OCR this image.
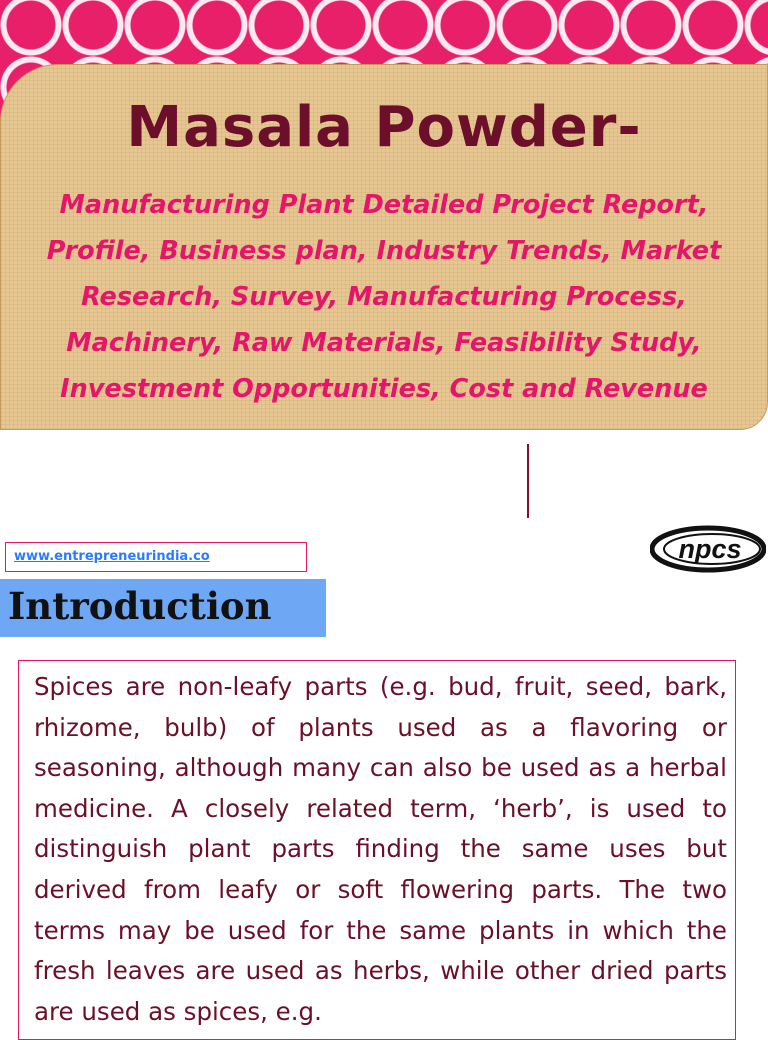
Masala Powder-
Manufacturing Plant Detailed Project Report, Profile, Business plan, Industry Trends, Market Research, Survey, Manufacturing Process, Machinery, Raw Materials, Feasibility Study, Investment Opportunities, Cost and Revenue
www.entrepreneurindia.co	npcs
Introduction

Spices are non-leafy parts (e.g. bud, fruit, seed, bark, rhizome, bulb) of plants used as a flavoring or seasoning, although many can also be used as a herbal medicine. A closely related term, ‘herb’, is used to distinguish plant parts finding the same uses but derived from leafy or soft flowering parts. The two terms may be used for the same plants in which the fresh leaves are used as herbs, while other dried parts are used as spices, e.g.
